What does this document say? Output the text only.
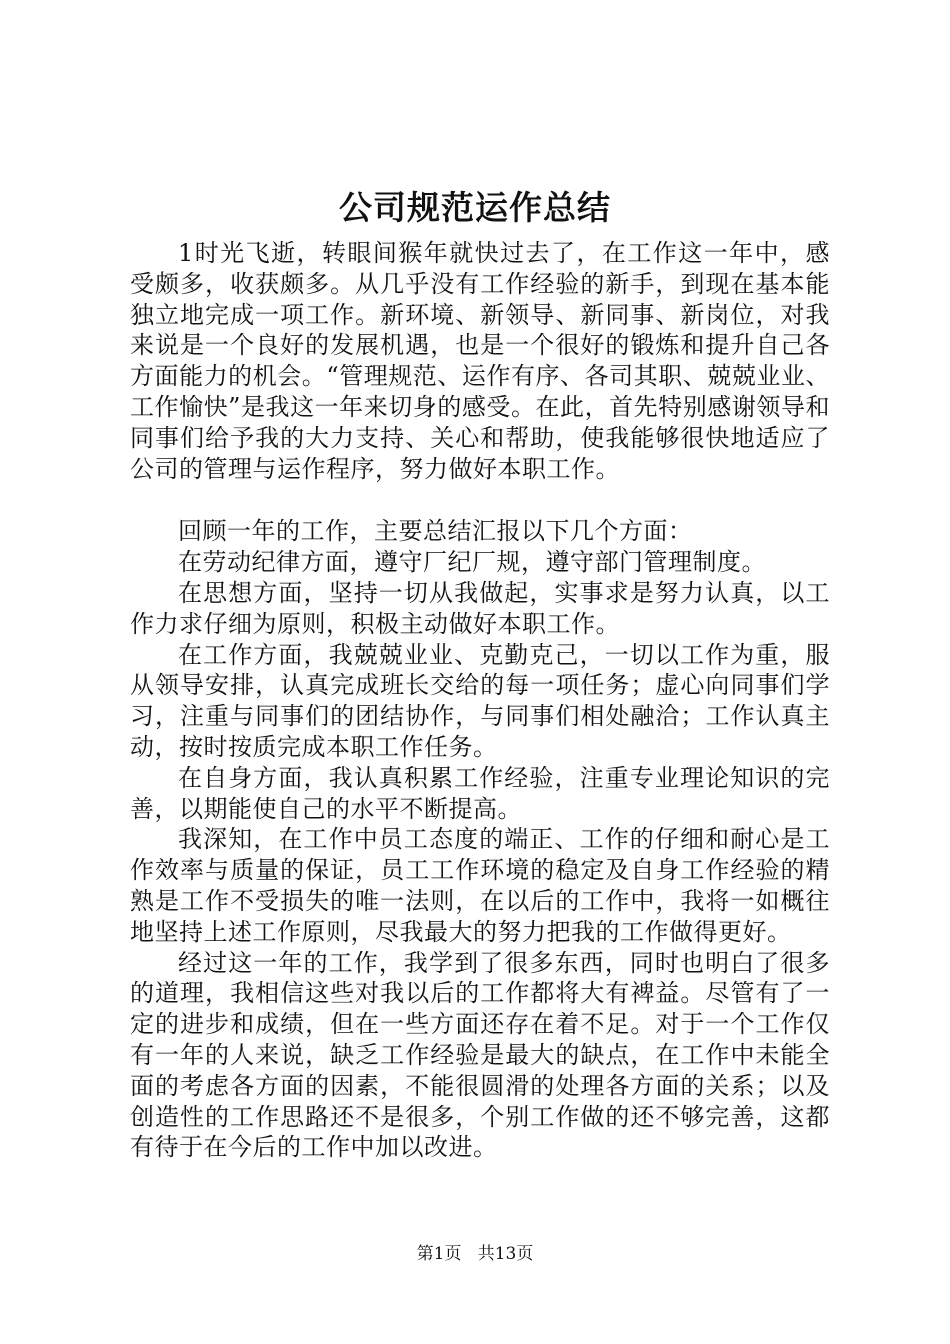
公司规范运作总结

1时光飞逝，转眼间猴年就快过去了，在工作这一年中，感受颇多，收获颇多。从几乎没有工作经验的新手，到现在基本能独立地完成一项工作。新环境、新领导、新同事、新岗位，对我来说是一个良好的发展机遇，也是一个很好的锻炼和提升自己各方面能力的机会。“管理规范、运作有序、各司其职、兢兢业业、工作愉快”是我这一年来切身的感受。在此，首先特别感谢领导和同事们给予我的大力支持、关心和帮助，使我能够很快地适应了公司的管理与运作程序，努力做好本职工作。

回顾一年的工作，主要总结汇报以下几个方面：

在劳动纪律方面，遵守厂纪厂规，遵守部门管理制度。

在思想方面，坚持一切从我做起，实事求是努力认真，以工作力求仔细为原则，积极主动做好本职工作。

在工作方面，我兢兢业业、克勤克己，一切以工作为重，服从领导安排，认真完成班长交给的每一项任务；虚心向同事们学习，注重与同事们的团结协作，与同事们相处融洽；工作认真主动，按时按质完成本职工作任务。

在自身方面，我认真积累工作经验，注重专业理论知识的完善，以期能使自己的水平不断提高。

我深知，在工作中员工态度的端正、工作的仔细和耐心是工作效率与质量的保证，员工工作环境的稳定及自身工作经验的精熟是工作不受损失的唯一法则，在以后的工作中，我将一如概往地坚持上述工作原则，尽我最大的努力把我的工作做得更好。

经过这一年的工作，我学到了很多东西，同时也明白了很多的道理，我相信这些对我以后的工作都将大有裨益。尽管有了一定的进步和成绩，但在一些方面还存在着不足。对于一个工作仅有一年的人来说，缺乏工作经验是最大的缺点，在工作中未能全面的考虑各方面的因素，不能很圆滑的处理各方面的关系；以及创造性的工作思路还不是很多，个别工作做的还不够完善，这都有待于在今后的工作中加以改进。

第1页 共13页
